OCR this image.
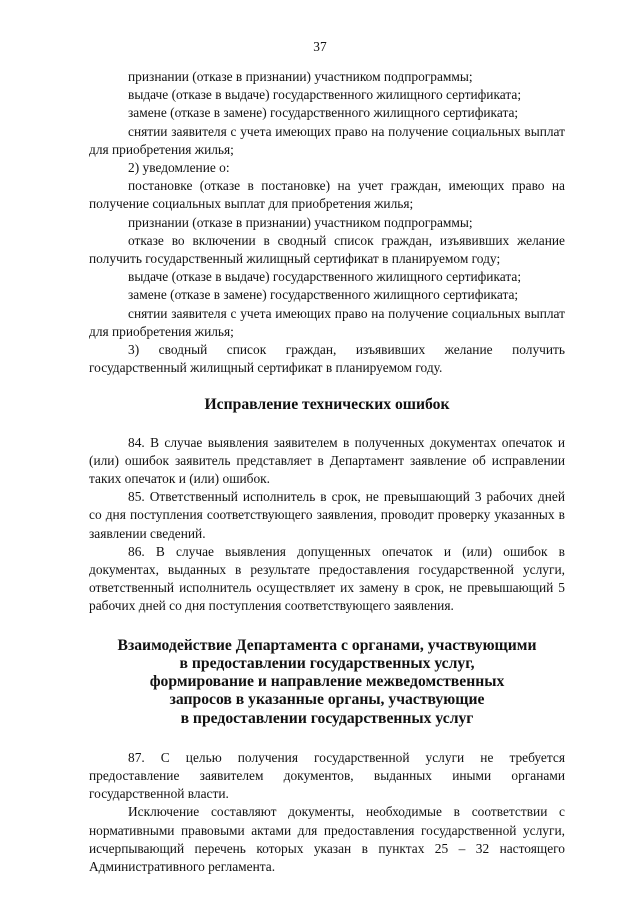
37

признании (отказе в признании) участником подпрограммы;

выдаче (отказе в выдаче) государственного жилищного сертификата;

замене (отказе в замене) государственного жилищного сертификата;

снятии заявителя с учета имеющих право на получение социальных выплат для приобретения жилья;

2) уведомление о:

постановке (отказе в постановке) на учет граждан, имеющих право на получение социальных выплат для приобретения жилья;

признании (отказе в признании) участником подпрограммы;

отказе во включении в сводный список граждан, изъявивших желание получить государственный жилищный сертификат в планируемом году;

выдаче (отказе в выдаче) государственного жилищного сертификата;

замене (отказе в замене) государственного жилищного сертификата;

снятии заявителя с учета имеющих право на получение социальных выплат для приобретения жилья;

3) сводный список граждан, изъявивших желание получить государственный жилищный сертификат в планируемом году.

Исправление технических ошибок

84. В случае выявления заявителем в полученных документах опечаток и (или) ошибок заявитель представляет в Департамент заявление об исправлении таких опечаток и (или) ошибок.

85. Ответственный исполнитель в срок, не превышающий 3 рабочих дней со дня поступления соответствующего заявления, проводит проверку указанных в заявлении сведений.

86. В случае выявления допущенных опечаток и (или) ошибок в документах, выданных в результате предоставления государственной услуги, ответственный исполнитель осуществляет их замену в срок, не превышающий 5 рабочих дней со дня поступления соответствующего заявления.

Взаимодействие Департамента с органами, участвующими
в предоставлении государственных услуг,
формирование и направление межведомственных
запросов в указанные органы, участвующие
в предоставлении государственных услуг

87. С целью получения государственной услуги не требуется предоставление заявителем документов, выданных иными органами государственной власти.

Исключение составляют документы, необходимые в соответствии с нормативными правовыми актами для предоставления государственной услуги, исчерпывающий перечень которых указан в пунктах 25 – 32 настоящего Административного регламента.
